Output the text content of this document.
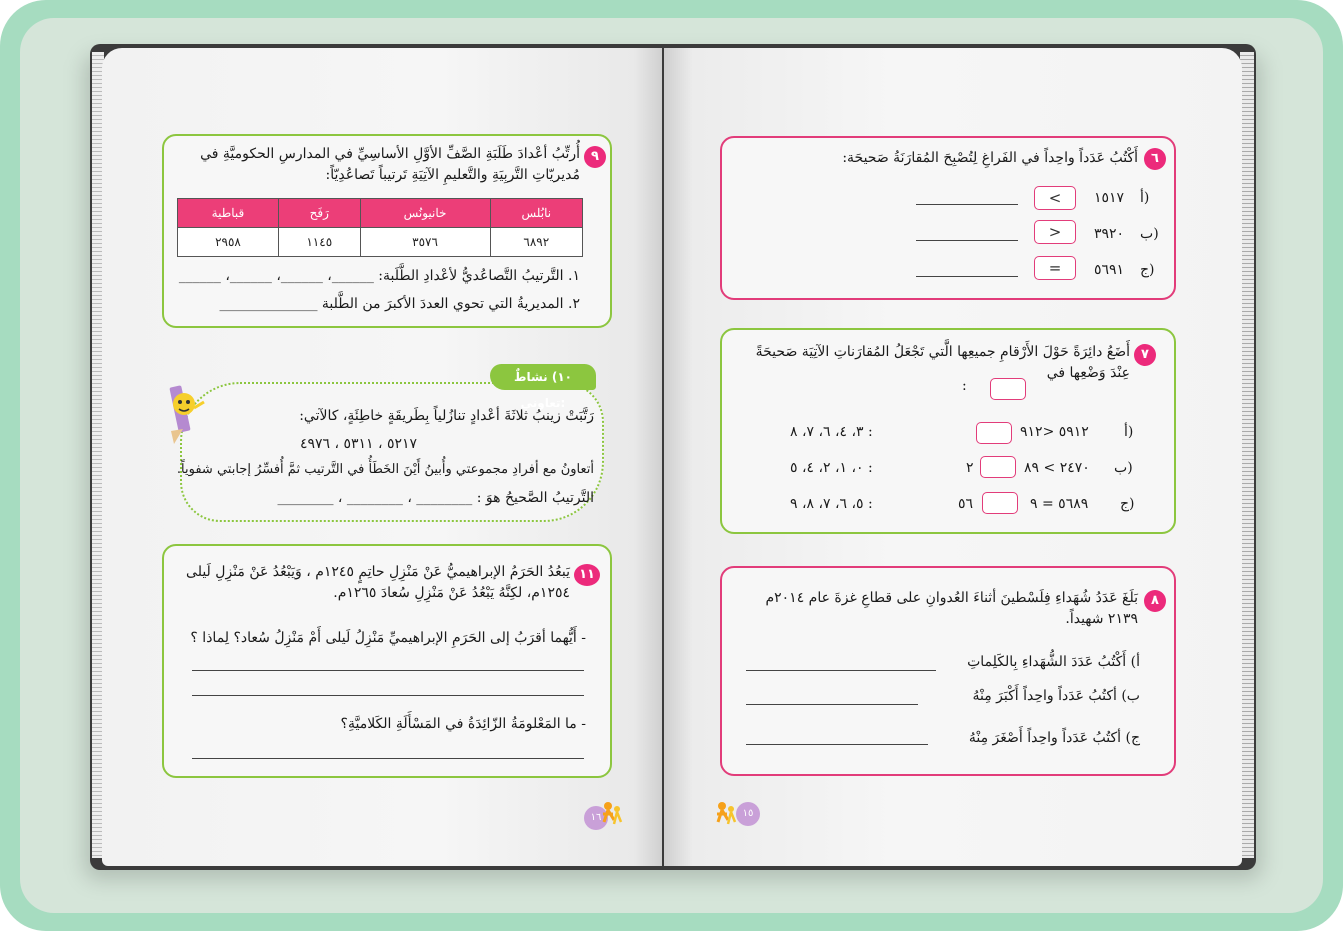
٩
أُرتِّبُ أعْدادَ طَلَبَةِ الصَّفِّ الأوَّلِ الأساسِيِّ في المدارسِ الحكوميَّةِ في مُديريّاتِ التَّربِيَةِ والتَّعليمِ الآتِيَةِ تَرتيباً تَصاعُدِيّاً:
قباطية	رَفَح	خانيونُس	نابُلس
٢٩٥٨	١١٤٥	٣٥٧٦	٦٨٩٢
١. التَّرتيبُ التَّصاعُديُّ لأعْدادِ الطَّلَبة: ______، ______، ______، ______
٢. المديريةُ التي تحوي العددَ الأكبرَ من الطَّلبة ______________
١٠) نشاطٌ تعاوني:
رَتَّبَتْ زينبُ ثلاثَةَ أعْدادٍ تنازُلياً بِطَريقَةٍ خاطِئَةٍ، كالآتي:
٥٢١٧ ، ٥٣١١ ، ٤٩٧٦
أتعاونُ مع أفرادِ مجموعتي وأُبينُ أَيْنَ الخَطَأُ في التَّرتيب ثمَّ أُفسِّرُ إجابتي شفوياً.
التَّرتيبُ الصَّحيحُ هوَ : ________ ، ________ ، ________
١١
يَبعُدُ الحَرَمُ الإبراهيميُّ عَنْ مَنْزِلِ حاتِمٍ ١٢٤٥م ، وَيَبْعُدُ عَنْ مَنْزِلِ لَيلى ١٢٥٤م، لكِنَّهُ يَبْعُدُ عَنْ مَنْزِلِ سُعادَ ١٢٦٥م.
- أَيُّهما أقرَبُ إلى الحَرَمِ الإبراهيميِّ مَنْزِلُ لَيلى أَمْ مَنْزِلُ سُعاد؟ لِماذا ؟
- ما المَعْلومَةُ الزّائِدَةُ في المَسْأَلَةِ الكَلاميَّةِ؟
١٦
٦
أَكْتُبُ عَدَداً واحِداً في الفَراغِ لِتُصْبِحَ المُقارَنَةُ صَحيحَة:
أ)
١٥١٧
<
ب)
٣٩٢٠
>
ج)
٥٦٩١
=
٧
أَضَعُ دائِرَةً حَوْلَ الأَرْقامِ جميعِها الَّتي تَجْعَلُ المُقارَناتِ الآتِيَة صَحيحَةً عِنْدَ وَضْعِها في
:
أ)
٥٩١٢ <٩١٢
٣، ٤، ٦، ٧، ٨ :
ب)
٢٤٧٠ > ٨٩
٢
٠، ١، ٢، ٤، ٥ :
ج)
٥٦٨٩ = ٩
٥٦
٥، ٦، ٧، ٨، ٩ :
٨
بَلَغَ عَدَدُ شُهَداءِ فِلَسْطينَ أثناءَ العُدوانِ على قطاعِ غزةَ عام ٢٠١٤م ٢١٣٩ شهيداً.
أ) أَكْتُبُ عَدَدَ الشُّهَداءِ بِالكَلِماتِ
ب) أكتُبُ عَدَداً واحِداً أَكْبَرَ مِنْهُ
ج) أكتُبُ عَدَداً واحِداً أَصْغَرَ مِنْهُ
١٥
